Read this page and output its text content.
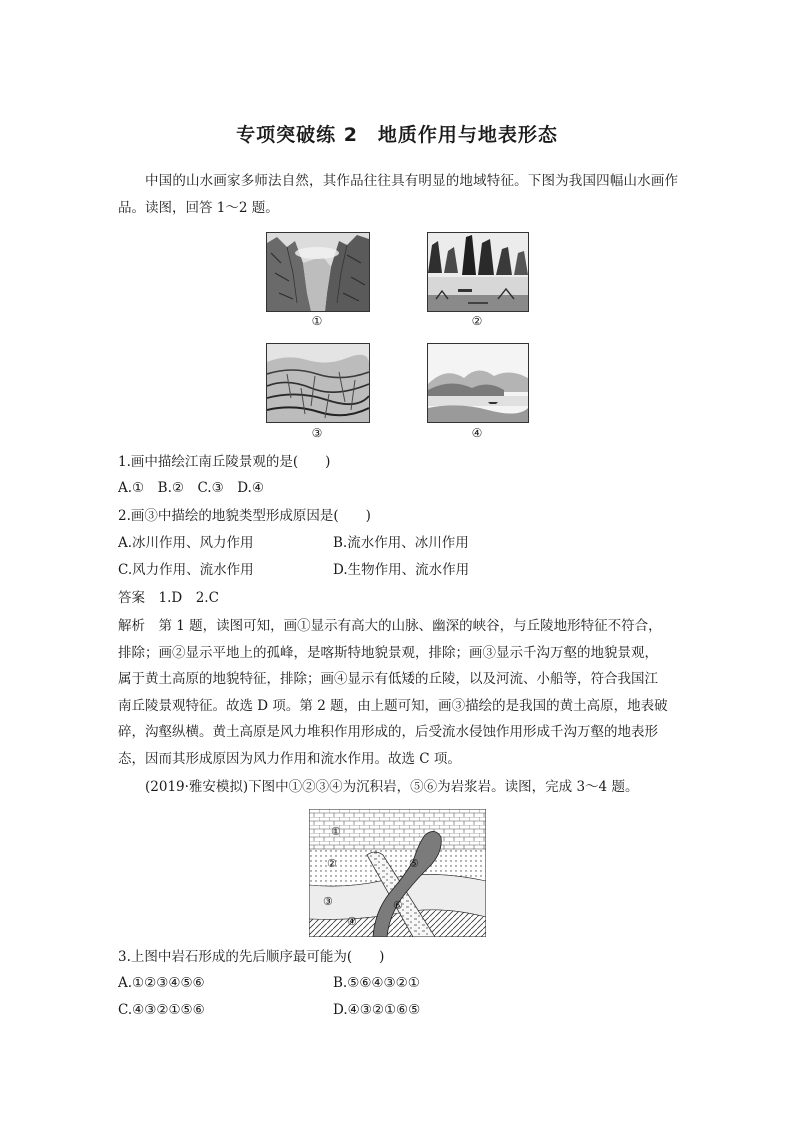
专项突破练 2　地质作用与地表形态
中国的山水画家多师法自然，其作品往往具有明显的地域特征。下图为我国四幅山水画作品。读图，回答 1～2 题。
①	②
③	④
1.画中描绘江南丘陵景观的是(　　)
A.①　B.②　C.③　D.④
2.画③中描绘的地貌类型形成原因是(　　)
A.冰川作用、风力作用	B.流水作用、冰川作用
C.风力作用、流水作用	D.生物作用、流水作用
答案　1.D　2.C
解析　第 1 题，读图可知，画①显示有高大的山脉、幽深的峡谷，与丘陵地形特征不符合，
排除；画②显示平地上的孤峰，是喀斯特地貌景观，排除；画③显示千沟万壑的地貌景观，
属于黄土高原的地貌特征，排除；画④显示有低矮的丘陵，以及河流、小船等，符合我国江
南丘陵景观特征。故选 D 项。第 2 题，由上题可知，画③描绘的是我国的黄土高原，地表破
碎，沟壑纵横。黄土高原是风力堆积作用形成的，后受流水侵蚀作用形成千沟万壑的地表形
态，因而其形成原因为风力作用和流水作用。故选 C 项。
(2019·雅安模拟)下图中①②③④为沉积岩，⑤⑥为岩浆岩。读图，完成 3～4 题。
①
②
③
④
⑤
⑥
3.上图中岩石形成的先后顺序最可能为(　　)
A.①②③④⑤⑥	B.⑤⑥④③②①
C.④③②①⑤⑥	D.④③②①⑥⑤
